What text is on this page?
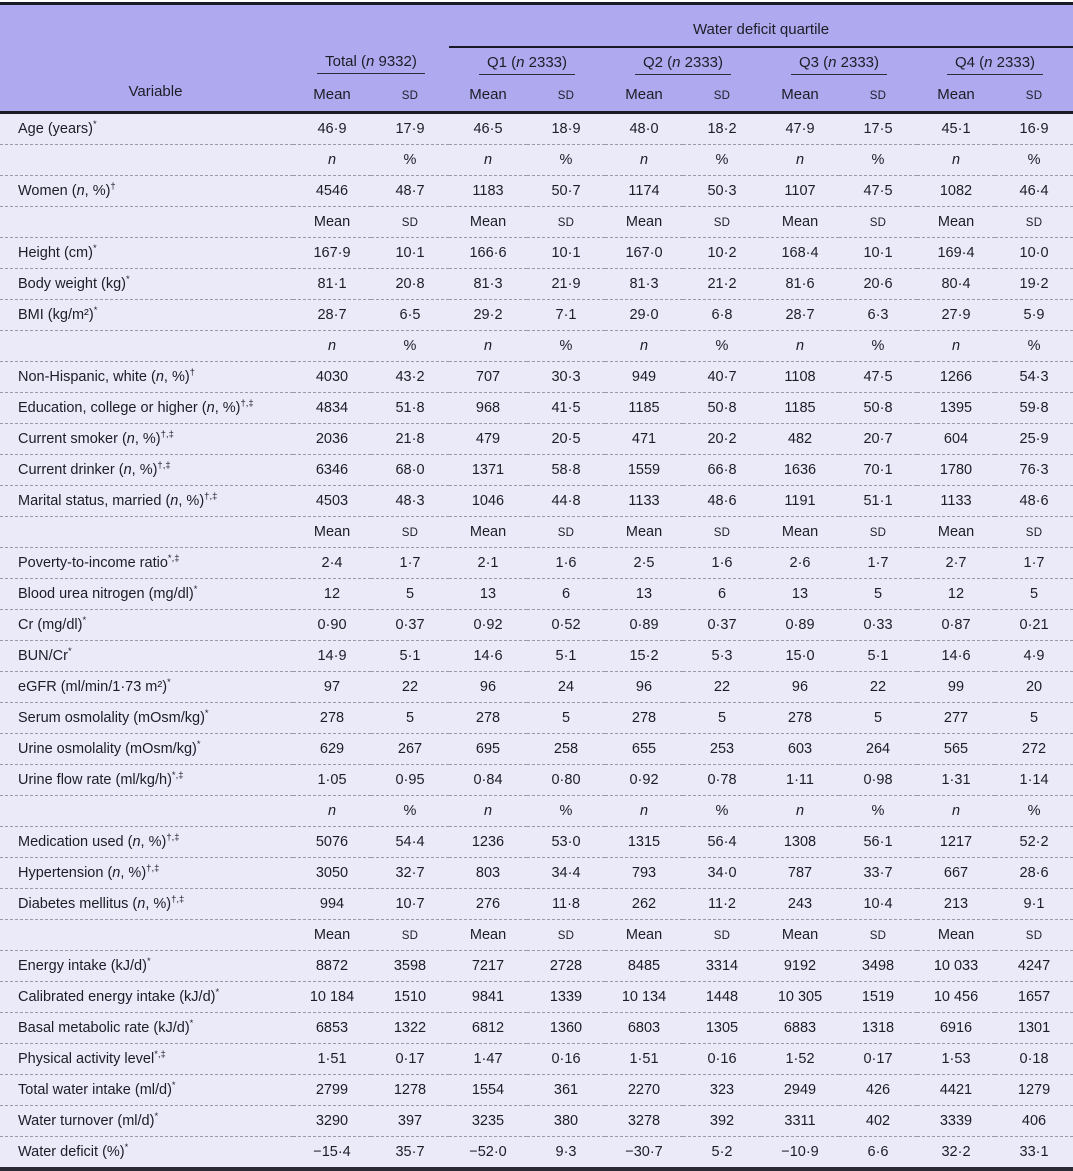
			Water deficit quartile							
	Total (n 9332)		Q1 (n 2333)		Q2 (n 2333)		Q3 (n 2333)		Q4 (n 2333)	
Variable	Mean	SD	Mean	SD	Mean	SD	Mean	SD	Mean	SD
Age (years)*	46·9	17·9	46·5	18·9	48·0	18·2	47·9	17·5	45·1	16·9
	n	%	n	%	n	%	n	%	n	%
Women (n, %)†	4546	48·7	1183	50·7	1174	50·3	1107	47·5	1082	46·4
	Mean	SD	Mean	SD	Mean	SD	Mean	SD	Mean	SD
Height (cm)*	167·9	10·1	166·6	10·1	167·0	10·2	168·4	10·1	169·4	10·0
Body weight (kg)*	81·1	20·8	81·3	21·9	81·3	21·2	81·6	20·6	80·4	19·2
BMI (kg/m²)*	28·7	6·5	29·2	7·1	29·0	6·8	28·7	6·3	27·9	5·9
	n	%	n	%	n	%	n	%	n	%
Non-Hispanic, white (n, %)†	4030	43·2	707	30·3	949	40·7	1108	47·5	1266	54·3
Education, college or higher (n, %)†,‡	4834	51·8	968	41·5	1185	50·8	1185	50·8	1395	59·8
Current smoker (n, %)†,‡	2036	21·8	479	20·5	471	20·2	482	20·7	604	25·9
Current drinker (n, %)†,‡	6346	68·0	1371	58·8	1559	66·8	1636	70·1	1780	76·3
Marital status, married (n, %)†,‡	4503	48·3	1046	44·8	1133	48·6	1191	51·1	1133	48·6
	Mean	SD	Mean	SD	Mean	SD	Mean	SD	Mean	SD
Poverty-to-income ratio*,‡	2·4	1·7	2·1	1·6	2·5	1·6	2·6	1·7	2·7	1·7
Blood urea nitrogen (mg/dl)*	12	5	13	6	13	6	13	5	12	5
Cr (mg/dl)*	0·90	0·37	0·92	0·52	0·89	0·37	0·89	0·33	0·87	0·21
BUN/Cr*	14·9	5·1	14·6	5·1	15·2	5·3	15·0	5·1	14·6	4·9
eGFR (ml/min/1·73 m²)*	97	22	96	24	96	22	96	22	99	20
Serum osmolality (mOsm/kg)*	278	5	278	5	278	5	278	5	277	5
Urine osmolality (mOsm/kg)*	629	267	695	258	655	253	603	264	565	272
Urine flow rate (ml/kg/h)*,‡	1·05	0·95	0·84	0·80	0·92	0·78	1·11	0·98	1·31	1·14
	n	%	n	%	n	%	n	%	n	%
Medication used (n, %)†,‡	5076	54·4	1236	53·0	1315	56·4	1308	56·1	1217	52·2
Hypertension (n, %)†,‡	3050	32·7	803	34·4	793	34·0	787	33·7	667	28·6
Diabetes mellitus (n, %)†,‡	994	10·7	276	11·8	262	11·2	243	10·4	213	9·1
	Mean	SD	Mean	SD	Mean	SD	Mean	SD	Mean	SD
Energy intake (kJ/d)*	8872	3598	7217	2728	8485	3314	9192	3498	10 033	4247
Calibrated energy intake (kJ/d)*	10 184	1510	9841	1339	10 134	1448	10 305	1519	10 456	1657
Basal metabolic rate (kJ/d)*	6853	1322	6812	1360	6803	1305	6883	1318	6916	1301
Physical activity level*,‡	1·51	0·17	1·47	0·16	1·51	0·16	1·52	0·17	1·53	0·18
Total water intake (ml/d)*	2799	1278	1554	361	2270	323	2949	426	4421	1279
Water turnover (ml/d)*	3290	397	3235	380	3278	392	3311	402	3339	406
Water deficit (%)*	−15·4	35·7	−52·0	9·3	−30·7	5·2	−10·9	6·6	32·2	33·1
